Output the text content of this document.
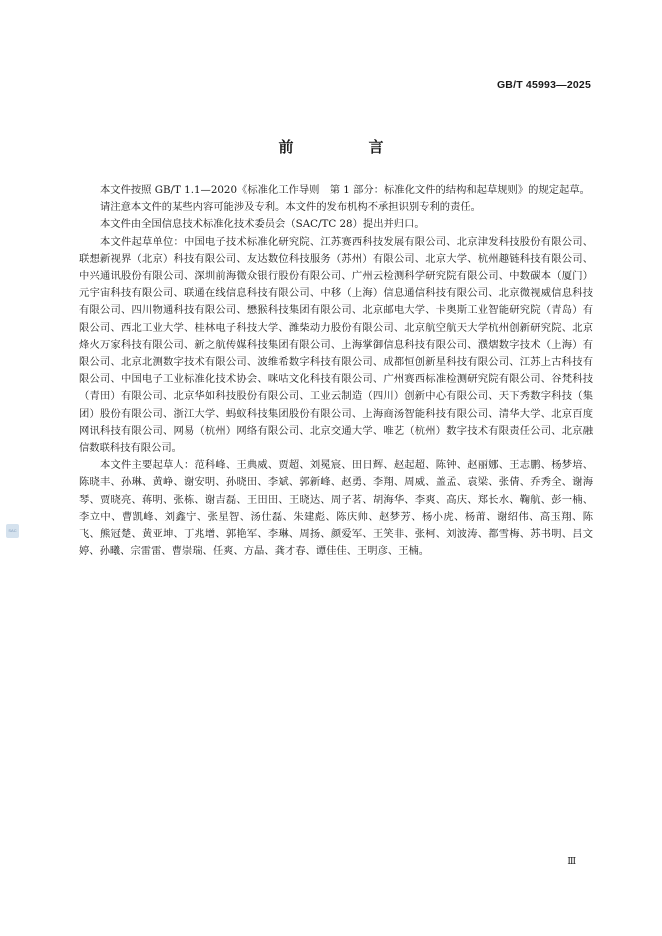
GB/T 45993—2025
前　言

本文件按照 GB/T 1.1—2020《标准化工作导则　第 1 部分：标准化文件的结构和起草规则》的规定起草。

请注意本文件的某些内容可能涉及专利。本文件的发布机构不承担识别专利的责任。

本文件由全国信息技术标准化技术委员会（SAC/TC 28）提出并归口。

本文件起草单位：中国电子技术标准化研究院、江苏赛西科技发展有限公司、北京津发科技股份有限公司、联想新视界（北京）科技有限公司、友达数位科技服务（苏州）有限公司、北京大学、杭州趣链科技有限公司、中兴通讯股份有限公司、深圳前海微众银行股份有限公司、广州云检测科学研究院有限公司、中数碳本（厦门）元宇宙科技有限公司、联通在线信息科技有限公司、中移（上海）信息通信科技有限公司、北京微视威信息科技有限公司、四川物通科技有限公司、懋猴科技集团有限公司、北京邮电大学、卡奥斯工业智能研究院（青岛）有限公司、西北工业大学、桂林电子科技大学、潍柴动力股份有限公司、北京航空航天大学杭州创新研究院、北京烽火万家科技有限公司、新之航传媒科技集团有限公司、上海掌御信息科技有限公司、濮熠数字技术（上海）有限公司、北京北测数字技术有限公司、波维希数字科技有限公司、成都恒创新星科技有限公司、江苏上古科技有限公司、中国电子工业标准化技术协会、咪咕文化科技有限公司、广州赛西标准检测研究院有限公司、谷梵科技（青田）有限公司、北京华如科技股份有限公司、工业云制造（四川）创新中心有限公司、天下秀数字科技（集团）股份有限公司、浙江大学、蚂蚁科技集团股份有限公司、上海商汤智能科技有限公司、清华大学、北京百度网讯科技有限公司、网易（杭州）网络有限公司、北京交通大学、唯艺（杭州）数字技术有限责任公司、北京融信数联科技有限公司。

本文件主要起草人：范科峰、王典威、贾超、刘冕宸、田日辉、赵起超、陈钟、赵丽娜、王志鹏、杨梦培、陈晓丰、孙琳、黄峥、谢安明、孙晓田、李斌、郭新峰、赵勇、李翔、周威、盖孟、袁梁、张倩、乔秀全、谢海琴、贾晓亮、蒋明、张栋、谢吉磊、王田田、王晓达、周子茗、胡海华、李爽、高庆、郑长水、鞠航、彭一楠、李立中、曹凯峰、刘鑫宁、张星智、汤仕磊、朱建彪、陈庆帅、赵梦芳、杨小虎、杨莆、谢绍伟、高玉翔、陈飞、熊冠楚、黄亚坤、丁兆增、郭艳军、李琳、周扬、颜爱军、王笑非、张柯、刘波涛、都雪梅、苏书明、吕文婷、孙曦、宗雷雷、曹崇瑞、任爽、方晶、龚才春、谭佳佳、王明彦、王楠。

SAC
Ⅲ
